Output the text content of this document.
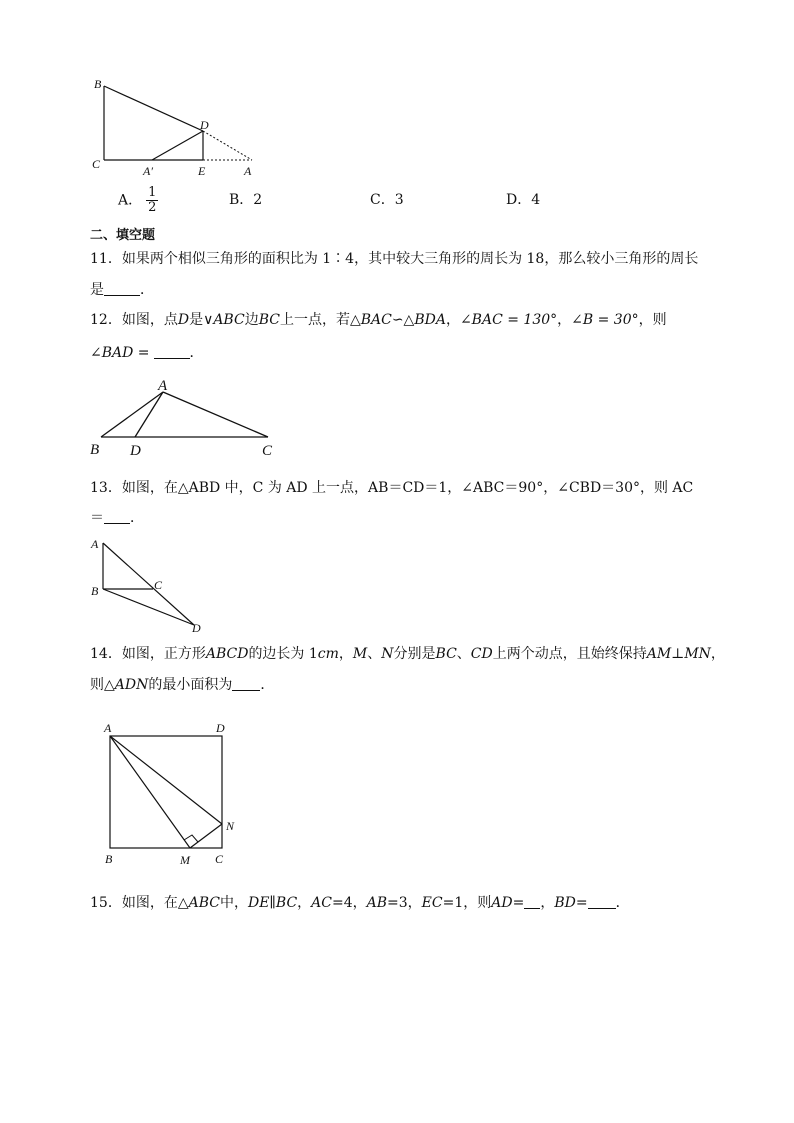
B
C
D
A′	E	A
A． $\frac{1}{2}$	B．2	C．3	D．4
二、填空题
11．如果两个相似三角形的面积比为 1∶4，其中较大三角形的周长为 18，那么较小三角形的周长
是	．
12．如图，点D是∨ABC边BC上一点，若△BAC∽△BDA，∠BAC = 130°，∠B = 30°，则
∠BAD =	．
A
B D	C
13．如图，在△ABD 中，C 为 AD 上一点，AB＝CD＝1，∠ABC＝90°，∠CBD＝30°，则 AC
＝ ．
A
B	C
D
14．如图，正方形ABCD的边长为 1cm，M、N分别是BC、CD上两个动点，且始终保持AM⊥MN，
则△ADN的最小面积为 ．
A	D
B	C
M
N
15．如图，在△ABC中，DE∥BC，AC=4，AB=3，EC=1，则AD= ，BD= ．
